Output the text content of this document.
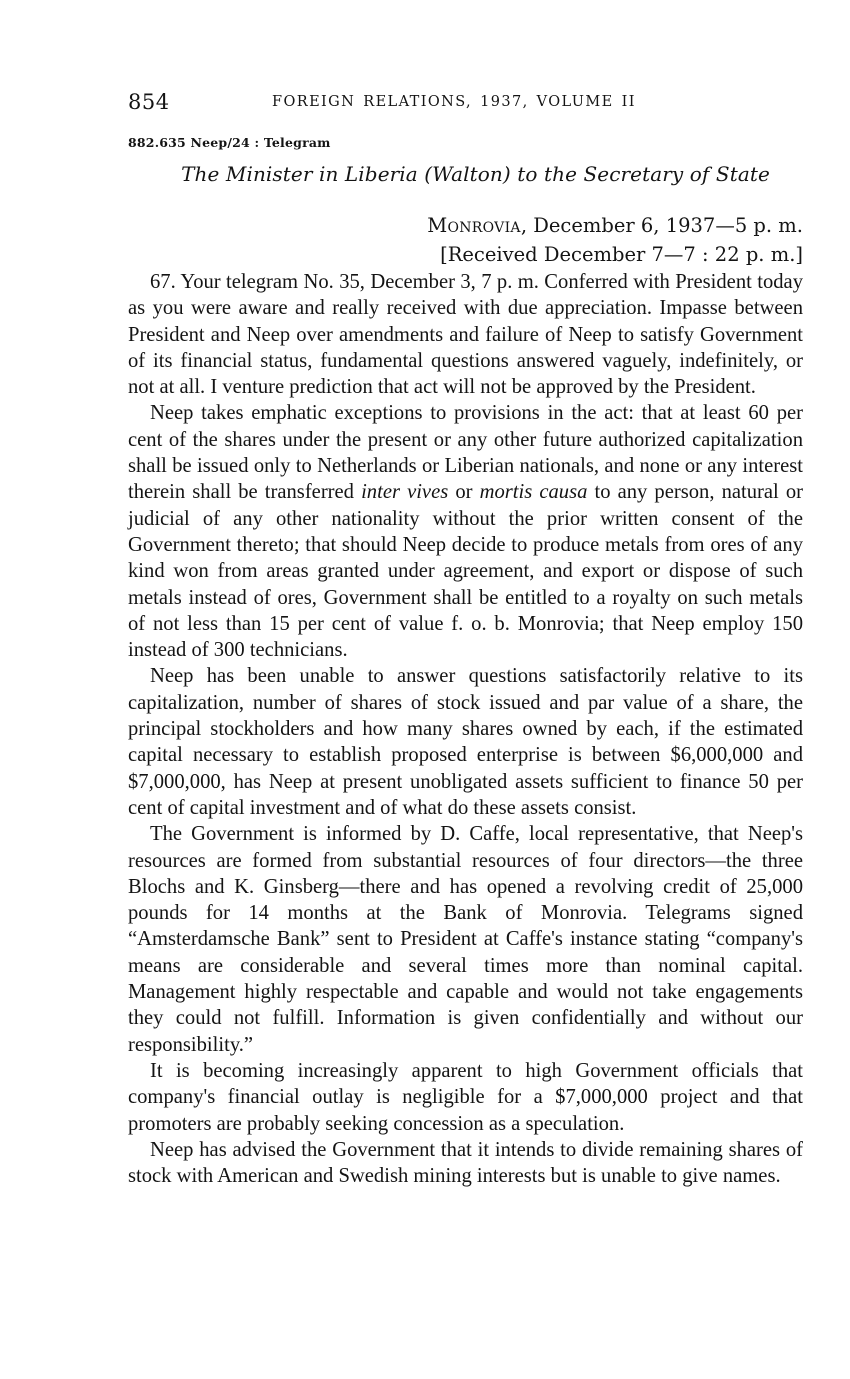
854	FOREIGN RELATIONS, 1937, VOLUME II
882.635 Neep/24 : Telegram
The Minister in Liberia (Walton) to the Secretary of State
Monrovia, December 6, 1937—5 p. m.
[Received December 7—7 : 22 p. m.]

67. Your telegram No. 35, December 3, 7 p. m. Conferred with President today as you were aware and really received with due appreciation. Impasse between President and Neep over amendments and failure of Neep to satisfy Government of its financial status, fundamental questions answered vaguely, indefinitely, or not at all. I venture prediction that act will not be approved by the President.

Neep takes emphatic exceptions to provisions in the act: that at least 60 per cent of the shares under the present or any other future authorized capitalization shall be issued only to Netherlands or Liberian nationals, and none or any interest therein shall be transferred inter vives or mortis causa to any person, natural or judicial of any other nationality without the prior written consent of the Government thereto; that should Neep decide to produce metals from ores of any kind won from areas granted under agreement, and export or dispose of such metals instead of ores, Government shall be entitled to a royalty on such metals of not less than 15 per cent of value f. o. b. Monrovia; that Neep employ 150 instead of 300 technicians.

Neep has been unable to answer questions satisfactorily relative to its capitalization, number of shares of stock issued and par value of a share, the principal stockholders and how many shares owned by each, if the estimated capital necessary to establish proposed enterprise is between $6,000,000 and $7,000,000, has Neep at present unobligated assets sufficient to finance 50 per cent of capital investment and of what do these assets consist.

The Government is informed by D. Caffe, local representative, that Neep's resources are formed from substantial resources of four directors—the three Blochs and K. Ginsberg—there and has opened a revolving credit of 25,000 pounds for 14 months at the Bank of Monrovia. Telegrams signed “Amsterdamsche Bank” sent to President at Caffe's instance stating “company's means are considerable and several times more than nominal capital. Management highly respectable and capable and would not take engagements they could not fulfill. Information is given confidentially and without our responsibility.”

It is becoming increasingly apparent to high Government officials that company's financial outlay is negligible for a $7,000,000 project and that promoters are probably seeking concession as a speculation.

Neep has advised the Government that it intends to divide remaining shares of stock with American and Swedish mining interests but is unable to give names.
